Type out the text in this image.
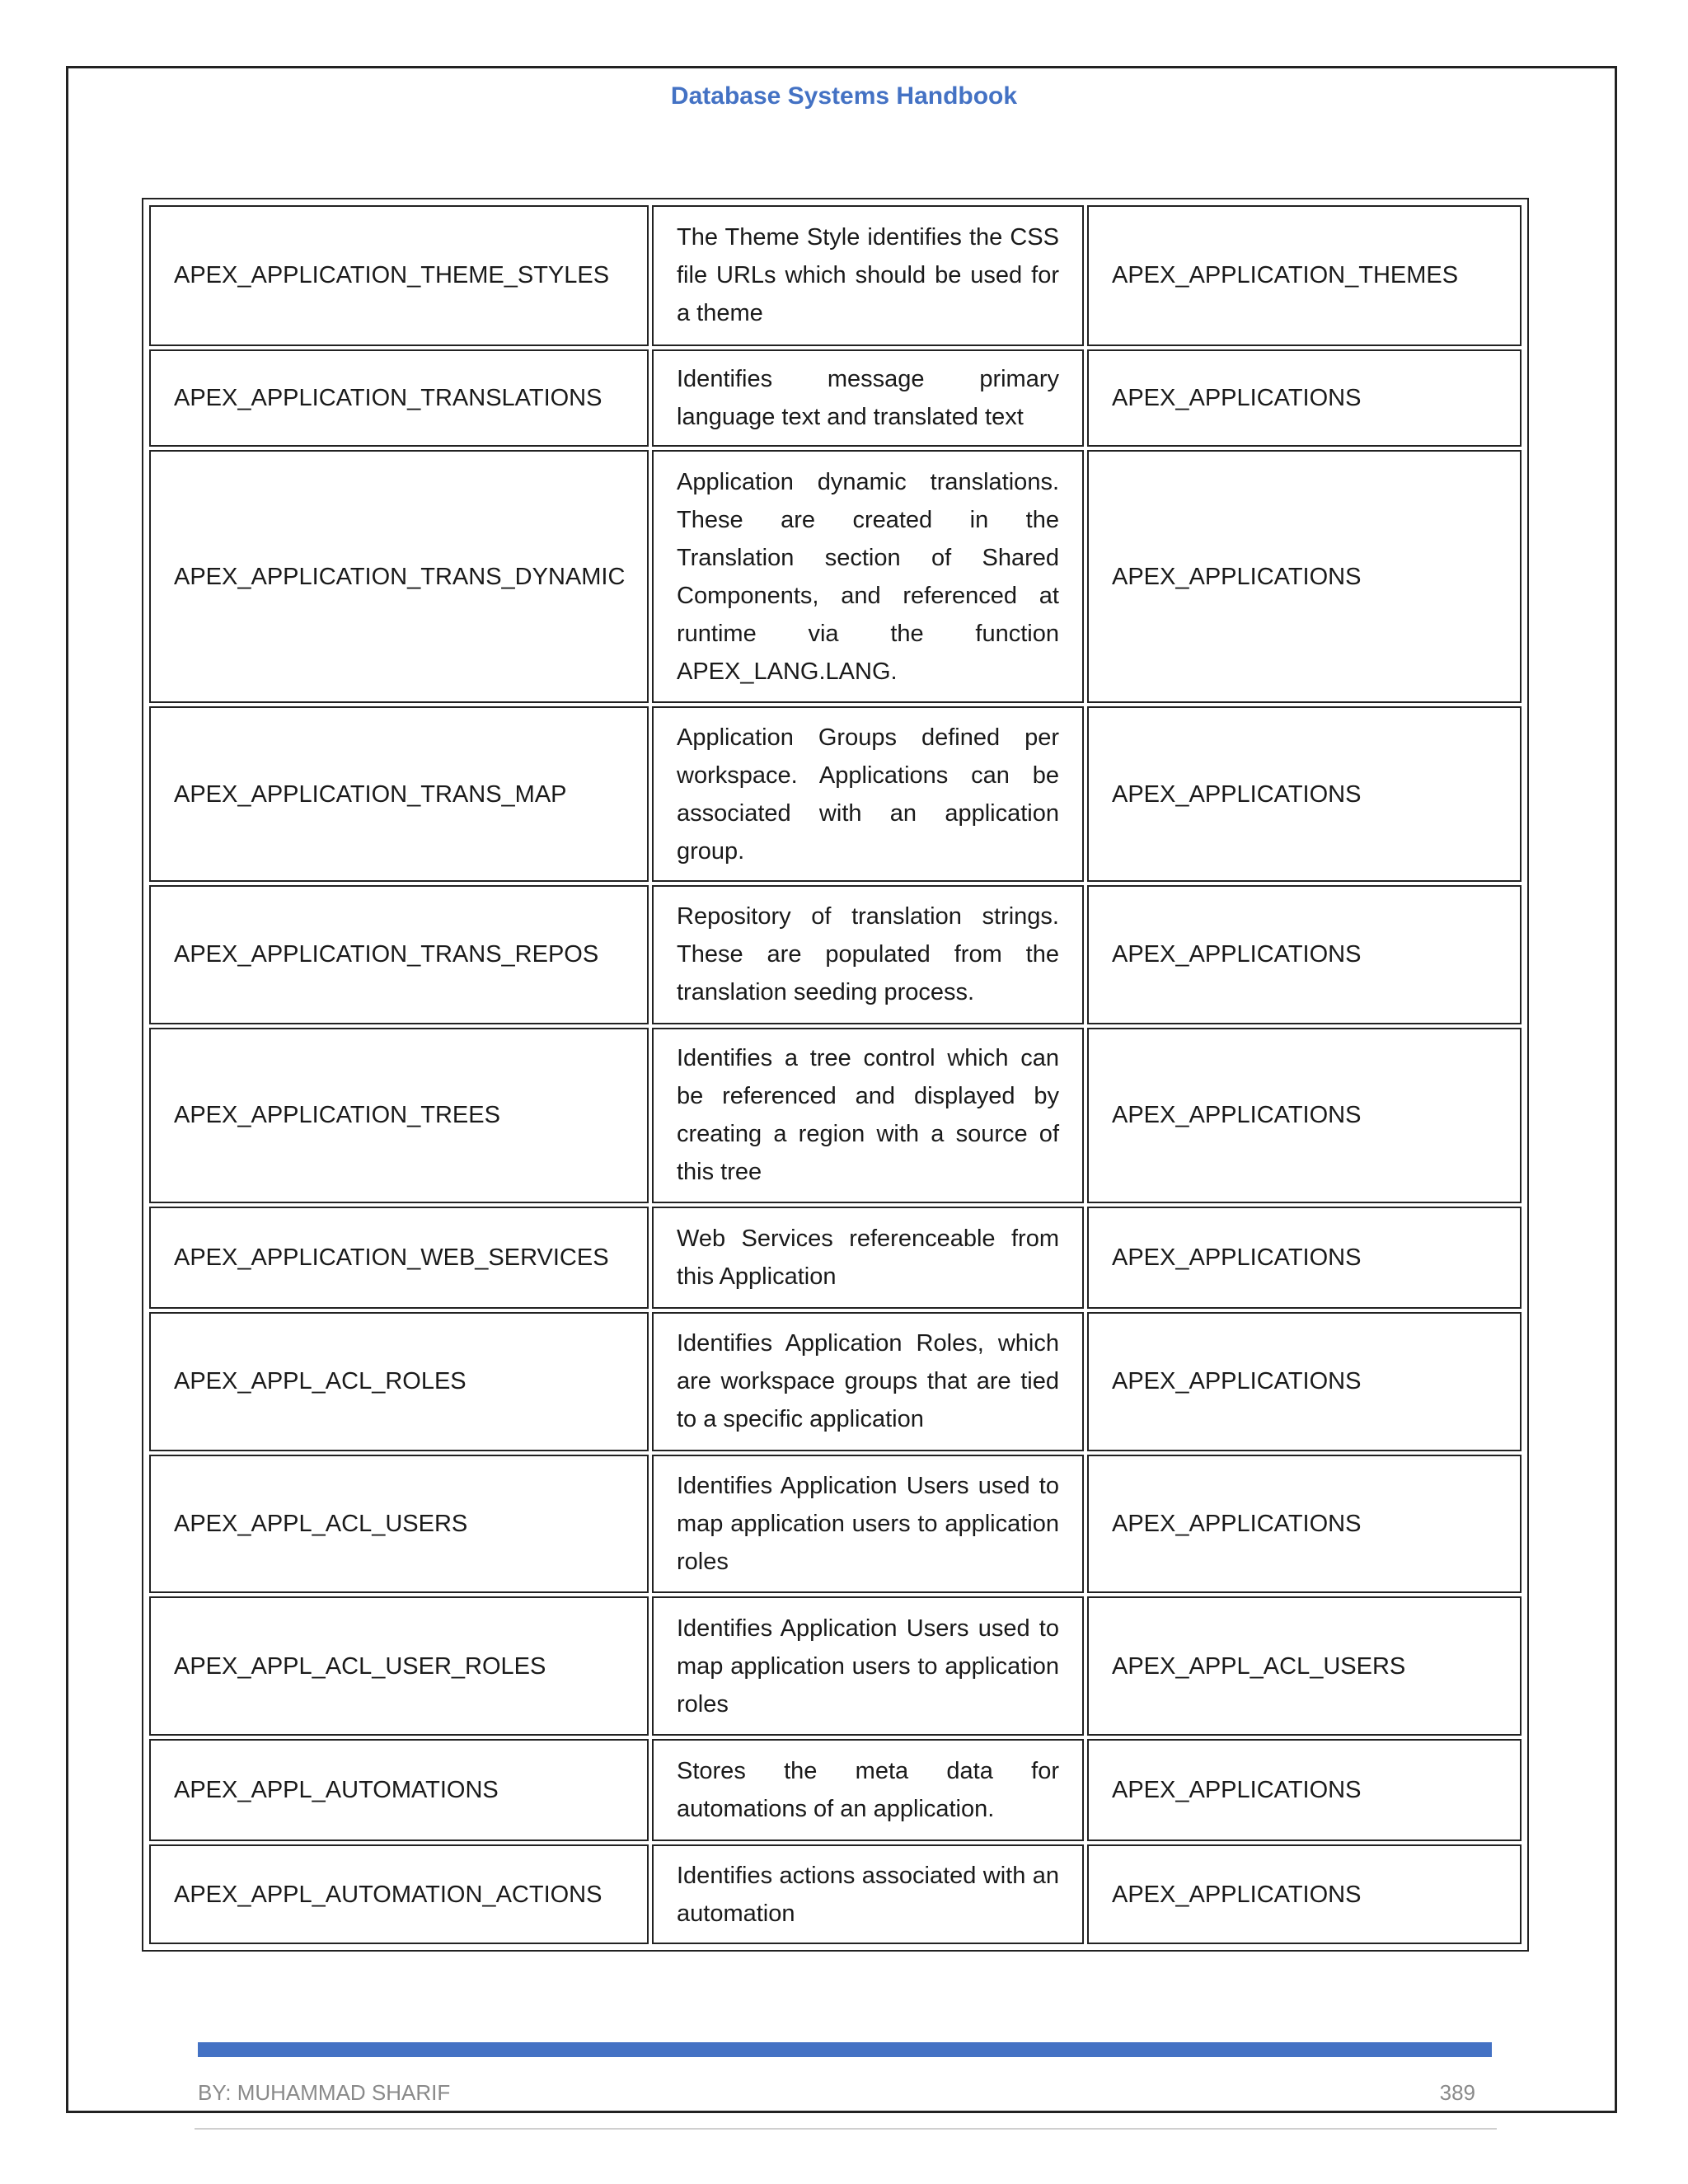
Database Systems Handbook
APEX_APPLICATION_THEME_STYLES	The Theme Style identifies the CSS file URLs which should be used for a theme	APEX_APPLICATION_THEMES
APEX_APPLICATION_TRANSLATIONS	Identifies message primary language text and translated text	APEX_APPLICATIONS
APEX_APPLICATION_TRANS_DYNAMIC	Application dynamic translations. These are created in the Translation section of Shared Components, and referenced at runtime via the function APEX_LANG.LANG.	APEX_APPLICATIONS
APEX_APPLICATION_TRANS_MAP	Application Groups defined per workspace. Applications can be associated with an application group.	APEX_APPLICATIONS
APEX_APPLICATION_TRANS_REPOS	Repository of translation strings. These are populated from the translation seeding process.	APEX_APPLICATIONS
APEX_APPLICATION_TREES	Identifies a tree control which can be referenced and displayed by creating a region with a source of this tree	APEX_APPLICATIONS
APEX_APPLICATION_WEB_SERVICES	Web Services referenceable from this Application	APEX_APPLICATIONS
APEX_APPL_ACL_ROLES	Identifies Application Roles, which are workspace groups that are tied to a specific application	APEX_APPLICATIONS
APEX_APPL_ACL_USERS	Identifies Application Users used to map application users to application roles	APEX_APPLICATIONS
APEX_APPL_ACL_USER_ROLES	Identifies Application Users used to map application users to application roles	APEX_APPL_ACL_USERS
APEX_APPL_AUTOMATIONS	Stores the meta data for automations of an application.	APEX_APPLICATIONS
APEX_APPL_AUTOMATION_ACTIONS	Identifies actions associated with an automation	APEX_APPLICATIONS
BY: MUHAMMAD SHARIF	389
